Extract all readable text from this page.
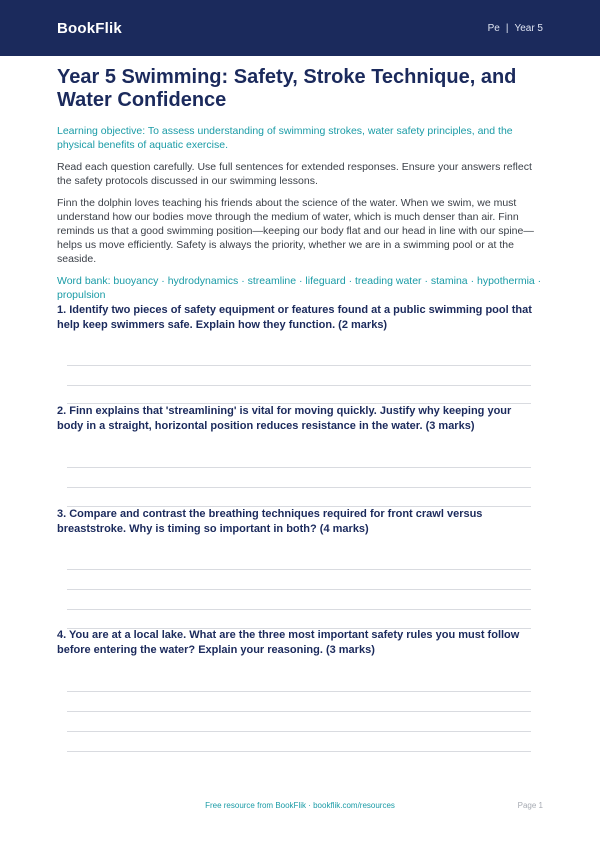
BookFlik	Pe | Year 5
Year 5 Swimming: Safety, Stroke Technique, and Water Confidence
Learning objective: To assess understanding of swimming strokes, water safety principles, and the physical benefits of aquatic exercise.
Read each question carefully. Use full sentences for extended responses. Ensure your answers reflect the safety protocols discussed in our swimming lessons.
Finn the dolphin loves teaching his friends about the science of the water. When we swim, we must understand how our bodies move through the medium of water, which is much denser than air. Finn reminds us that a good swimming position—keeping our body flat and our head in line with our spine—helps us move efficiently. Safety is always the priority, whether we are in a swimming pool or at the seaside.
Word bank: buoyancy · hydrodynamics · streamline · lifeguard · treading water · stamina · hypothermia · propulsion
1. Identify two pieces of safety equipment or features found at a public swimming pool that help keep swimmers safe. Explain how they function. (2 marks)
2. Finn explains that 'streamlining' is vital for moving quickly. Justify why keeping your body in a straight, horizontal position reduces resistance in the water. (3 marks)
3. Compare and contrast the breathing techniques required for front crawl versus breaststroke. Why is timing so important in both? (4 marks)
4. You are at a local lake. What are the three most important safety rules you must follow before entering the water? Explain your reasoning. (3 marks)
Free resource from BookFlik · bookflik.com/resources	Page 1
